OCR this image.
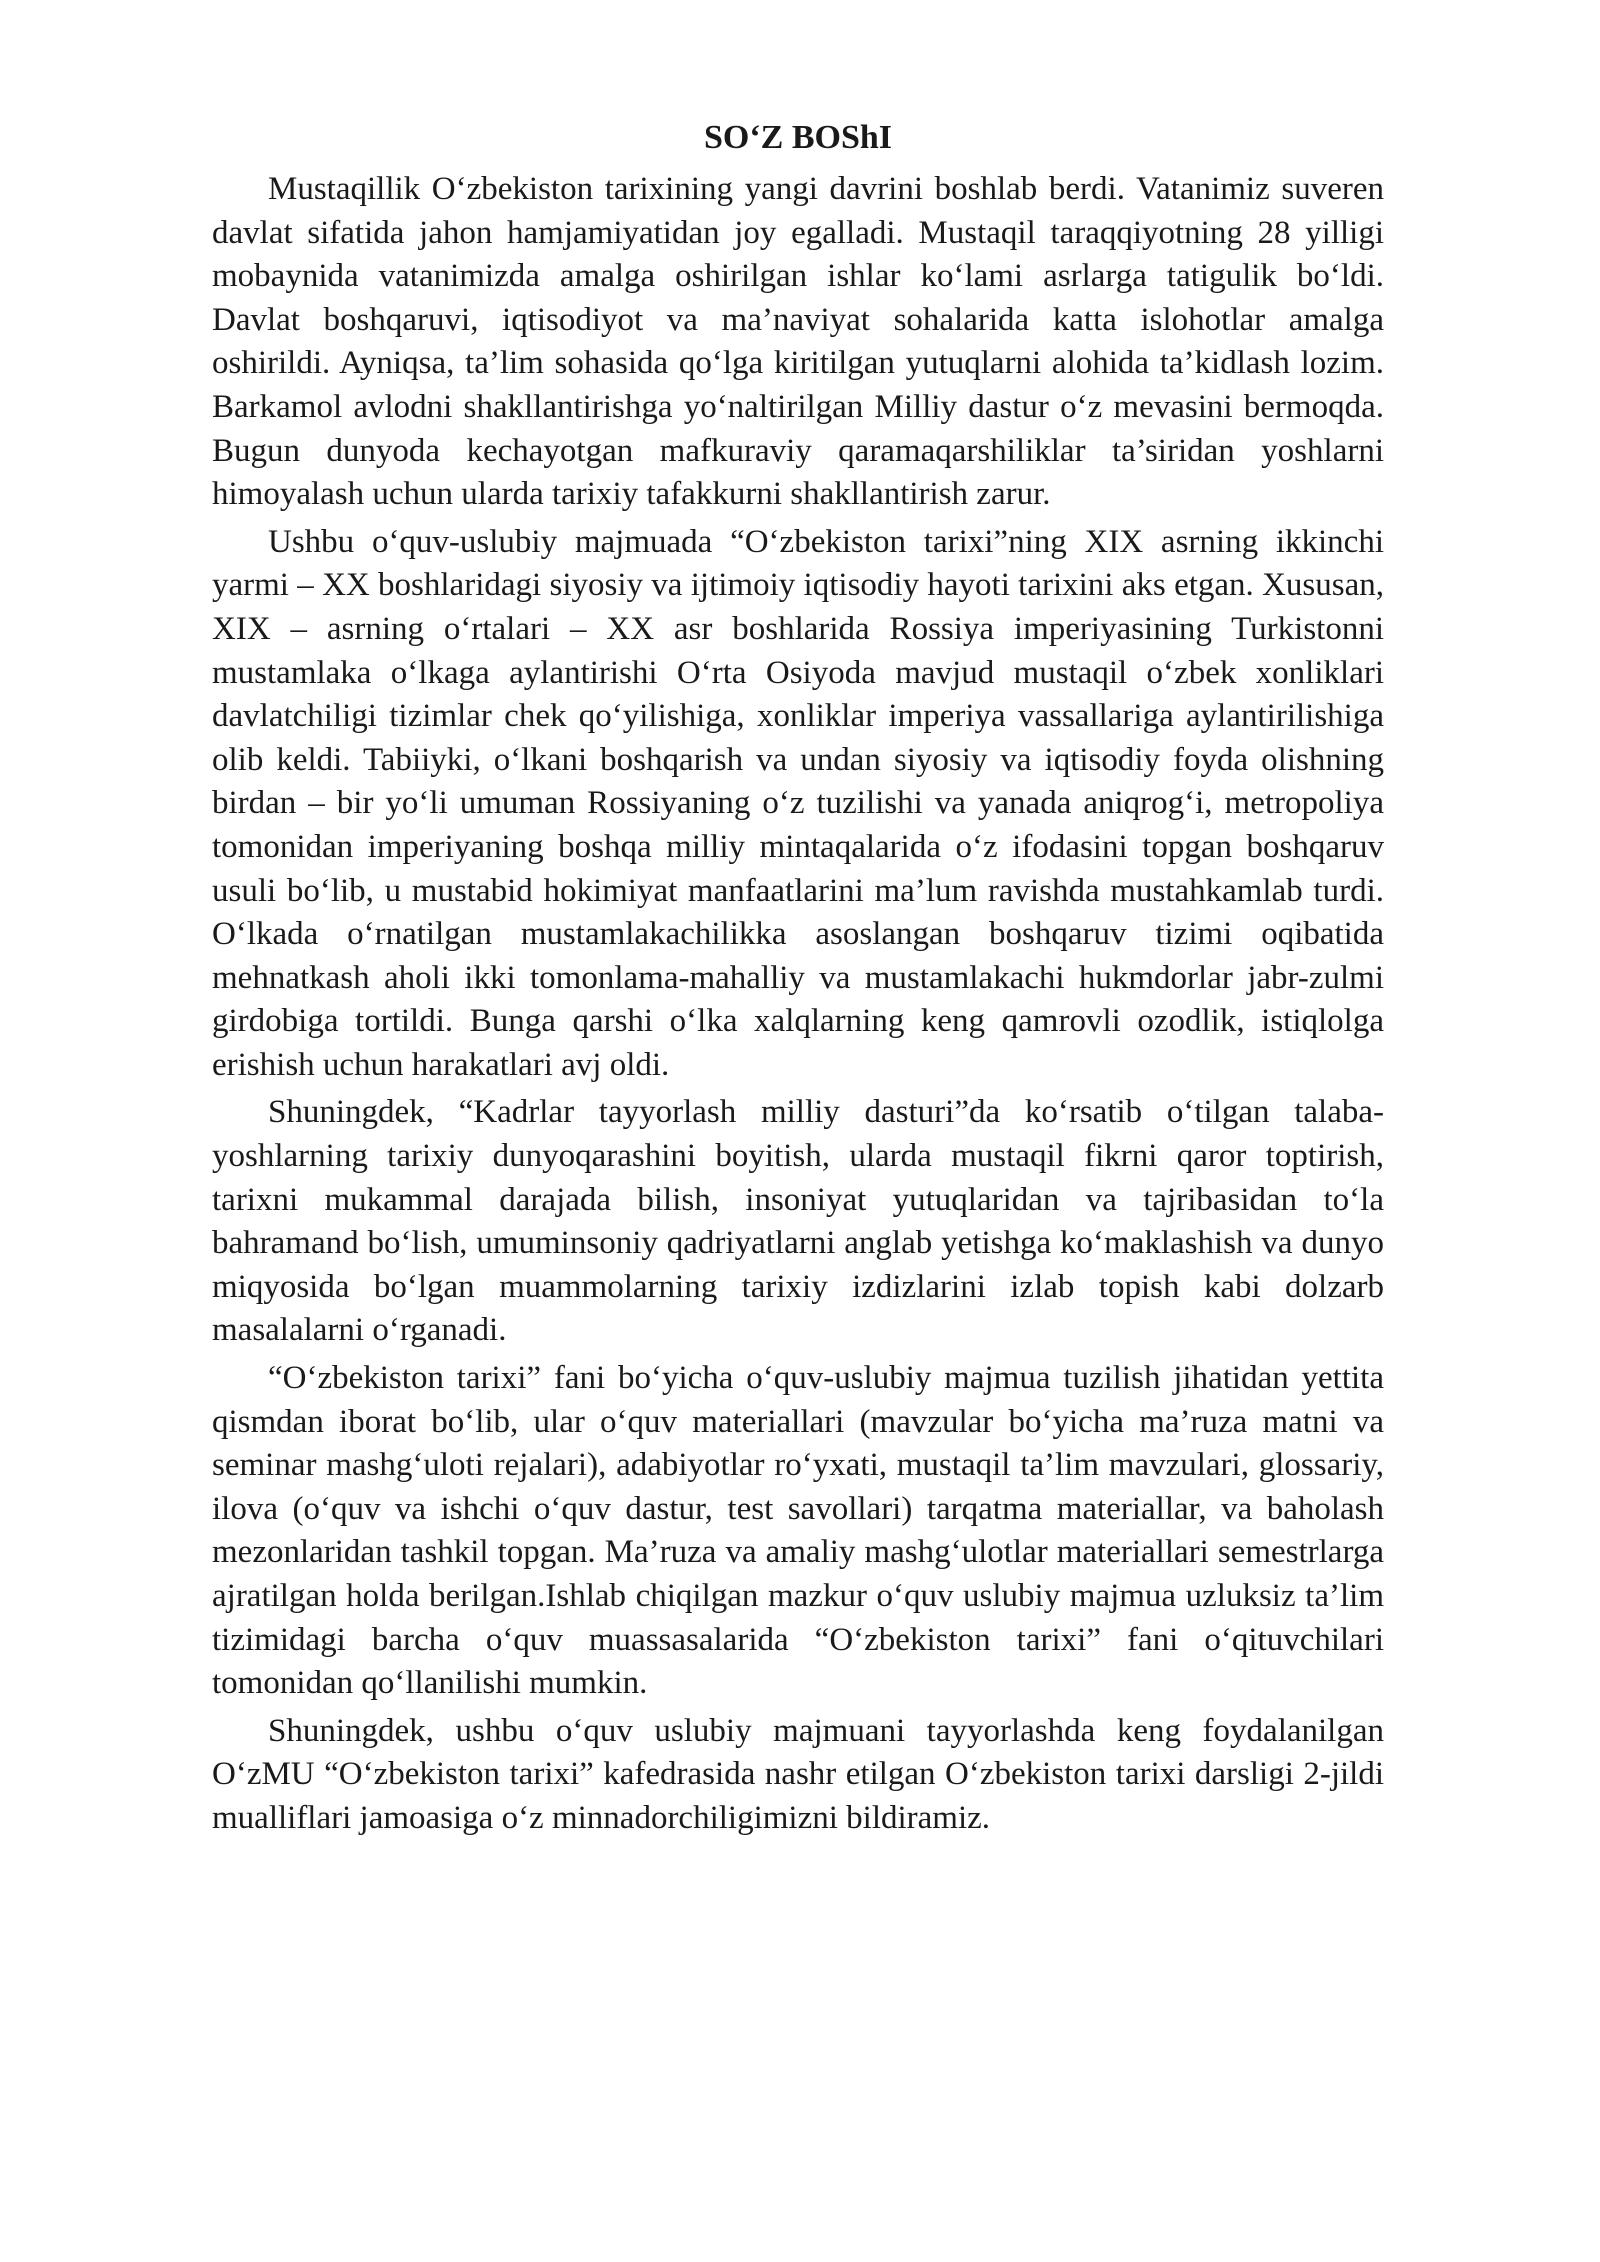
SO‘Z BOShI

Mustaqillik O‘zbekiston tarixining yangi davrini boshlab berdi. Vatanimiz suveren davlat sifatida jahon hamjamiyatidan joy egalladi. Mustaqil taraqqiyotning 28 yilligi mobaynida vatanimizda amalga oshirilgan ishlar ko‘lami asrlarga tatigulik bo‘ldi. Davlat boshqaruvi, iqtisodiyot va ma’naviyat sohalarida katta islohotlar amalga oshirildi. Ayniqsa, ta’lim sohasida qo‘lga kiritilgan yutuqlarni alohida ta’kidlash lozim. Barkamol avlodni shakllantirishga yo‘naltirilgan Milliy dastur o‘z mevasini bermoqda. Bugun dunyoda kechayotgan mafkuraviy qaramaqarshiliklar ta’siridan yoshlarni himoyalash uchun ularda tarixiy tafakkurni shakllantirish zarur.

Ushbu o‘quv-uslubiy majmuada “O‘zbekiston tarixi”ning XIX asrning ikkinchi yarmi – XX boshlaridagi siyosiy va ijtimoiy iqtisodiy hayoti tarixini aks etgan. Xususan, XIX – asrning o‘rtalari – XX asr boshlarida Rossiya imperiyasining Turkistonni mustamlaka o‘lkaga aylantirishi O‘rta Osiyoda mavjud mustaqil o‘zbek xonliklari davlatchiligi tizimlar chek qo‘yilishiga, xonliklar imperiya vassallariga aylantirilishiga olib keldi. Tabiiyki, o‘lkani boshqarish va undan siyosiy va iqtisodiy foyda olishning birdan – bir yo‘li umuman Rossiyaning o‘z tuzilishi va yanada aniqrog‘i, metropoliya tomonidan imperiyaning boshqa milliy mintaqalarida o‘z ifodasini topgan boshqaruv usuli bo‘lib, u mustabid hokimiyat manfaatlarini ma’lum ravishda mustahkamlab turdi. O‘lkada o‘rnatilgan mustamlakachilikka asoslangan boshqaruv tizimi oqibatida mehnatkash aholi ikki tomonlama-mahalliy va mustamlakachi hukmdorlar jabr-zulmi girdobiga tortildi. Bunga qarshi o‘lka xalqlarning keng qamrovli ozodlik, istiqlolga erishish uchun harakatlari avj oldi.

Shuningdek, “Kadrlar tayyorlash milliy dasturi”da ko‘rsatib o‘tilgan talaba-yoshlarning tarixiy dunyoqarashini boyitish, ularda mustaqil fikrni qaror toptirish, tarixni mukammal darajada bilish, insoniyat yutuqlaridan va tajribasidan to‘la bahramand bo‘lish, umuminsoniy qadriyatlarni anglab yetishga ko‘maklashish va dunyo miqyosida bo‘lgan muammolarning tarixiy izdizlarini izlab topish kabi dolzarb masalalarni o‘rganadi.

“O‘zbekiston tarixi” fani bo‘yicha o‘quv-uslubiy majmua tuzilish jihatidan yettita qismdan iborat bo‘lib, ular o‘quv materiallari (mavzular bo‘yicha ma’ruza matni va seminar mashg‘uloti rejalari), adabiyotlar ro‘yxati, mustaqil ta’lim mavzulari, glossariy, ilova (o‘quv va ishchi o‘quv dastur, test savollari) tarqatma materiallar, va baholash mezonlaridan tashkil topgan. Ma’ruza va amaliy mashg‘ulotlar materiallari semestrlarga ajratilgan holda berilgan.Ishlab chiqilgan mazkur o‘quv uslubiy majmua uzluksiz ta’lim tizimidagi barcha o‘quv muassasalarida “O‘zbekiston tarixi” fani o‘qituvchilari tomonidan qo‘llanilishi mumkin.

Shuningdek, ushbu o‘quv uslubiy majmuani tayyorlashda keng foydalanilgan O‘zMU “O‘zbekiston tarixi” kafedrasida nashr etilgan O‘zbekiston tarixi darsligi 2-jildi mualliflari jamoasiga o‘z minnadorchiligimizni bildiramiz.
